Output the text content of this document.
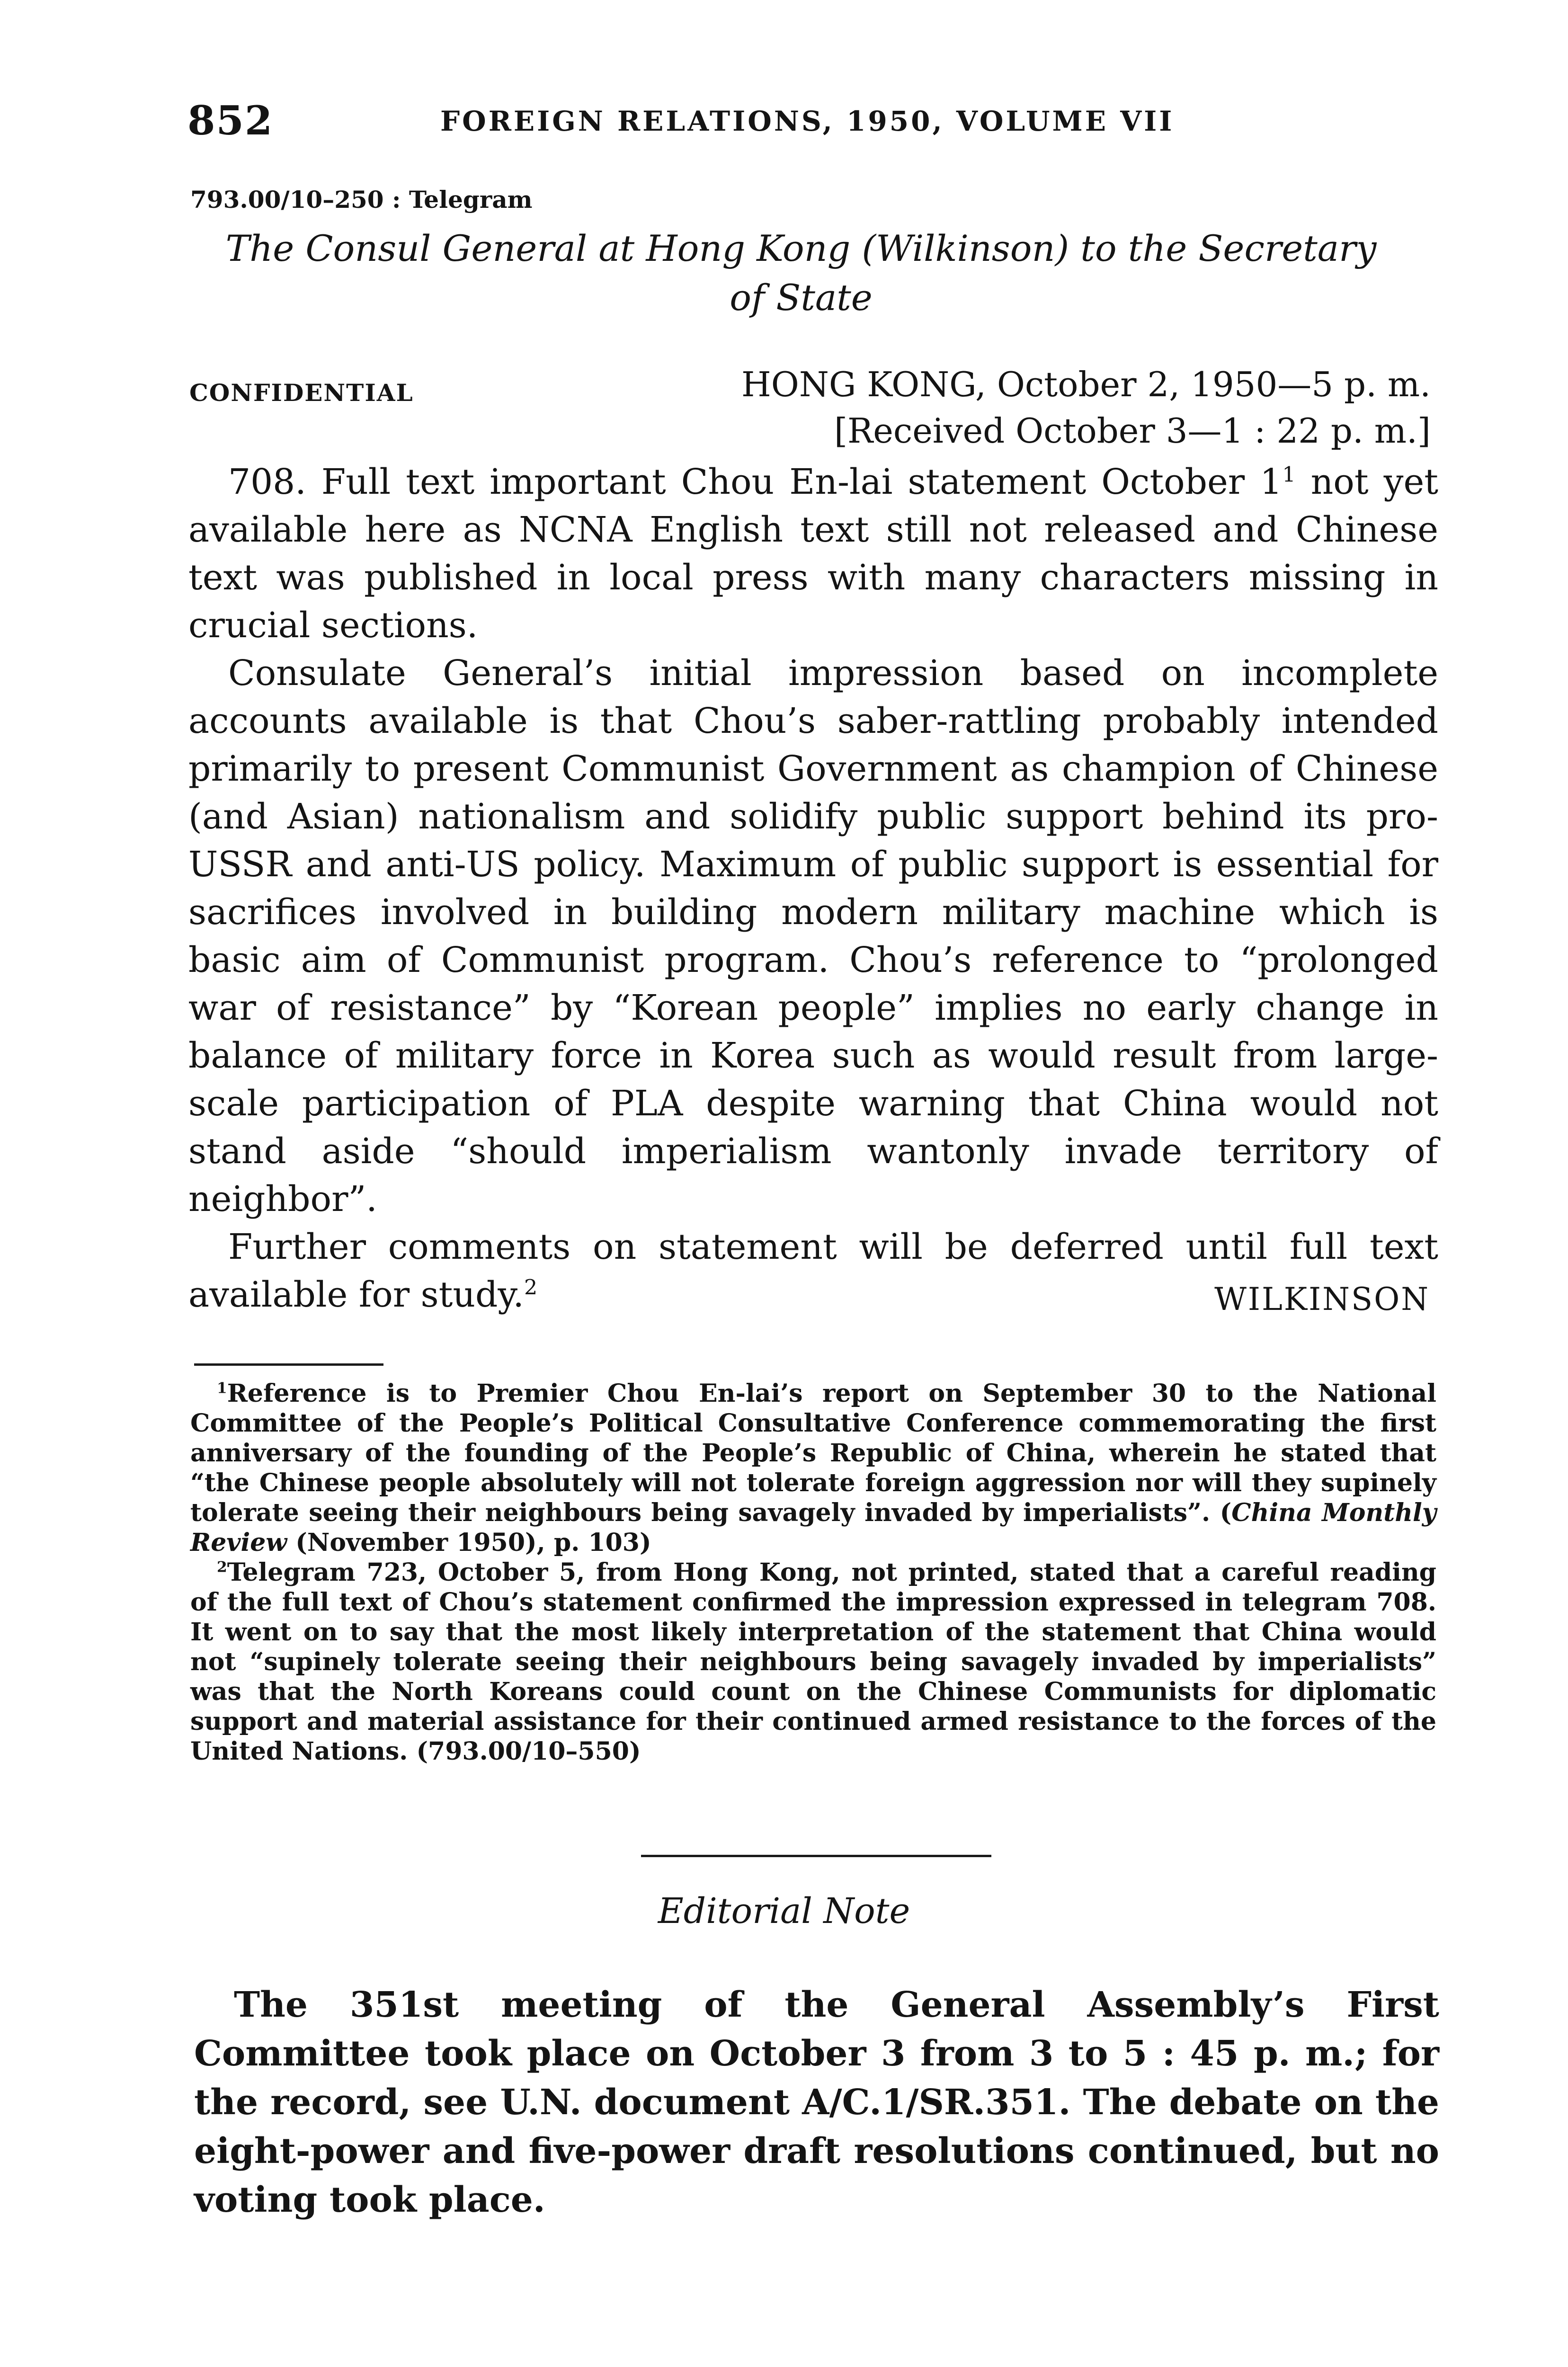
852	FOREIGN RELATIONS, 1950, VOLUME VII
793.00/10–250 : Telegram
The Consul General at Hong Kong (Wilkinson) to the Secretary
of State
CONFIDENTIAL	HONG KONG, October 2, 1950—5 p. m.
[Received October 3—1 : 22 p. m.]

708. Full text important Chou En-lai statement October $1^1$ not yet available here as NCNA English text still not released and Chinese text was published in local press with many characters missing in crucial sections.

Consulate General’s initial impression based on incomplete accounts available is that Chou’s saber-rattling probably intended primarily to present Communist Government as champion of Chinese (and Asian) nationalism and solidify public support behind its pro-USSR and anti-US policy. Maximum of public support is essential for sacrifices involved in building modern military machine which is basic aim of Communist program. Chou’s reference to “prolonged war of resistance” by “Korean people” implies no early change in balance of military force in Korea such as would result from large-scale participation of PLA despite warning that China would not stand aside “should imperialism wantonly invade territory of neighbor”.

Further comments on statement will be deferred until full text available for study.$^2$	WILKINSON

$^1$Reference is to Premier Chou En-lai’s report on September 30 to the National Committee of the People’s Political Consultative Conference commemorating the first anniversary of the founding of the People’s Republic of China, wherein he stated that “the Chinese people absolutely will not tolerate foreign aggression nor will they supinely tolerate seeing their neighbours being savagely invaded by imperialists”. (China Monthly Review (November 1950), p. 103)

$^2$Telegram 723, October 5, from Hong Kong, not printed, stated that a careful reading of the full text of Chou’s statement confirmed the impression expressed in telegram 708. It went on to say that the most likely interpretation of the statement that China would not “supinely tolerate seeing their neighbours being savagely invaded by imperialists” was that the North Koreans could count on the Chinese Communists for diplomatic support and material assistance for their continued armed resistance to the forces of the United Nations. (793.00/10–550)

Editorial Note

The 351st meeting of the General Assembly’s First Committee took place on October 3 from 3 to 5 : 45 p. m.; for the record, see U.N. document A/C.1/SR.351. The debate on the eight-power and five-power draft resolutions continued, but no voting took place.
